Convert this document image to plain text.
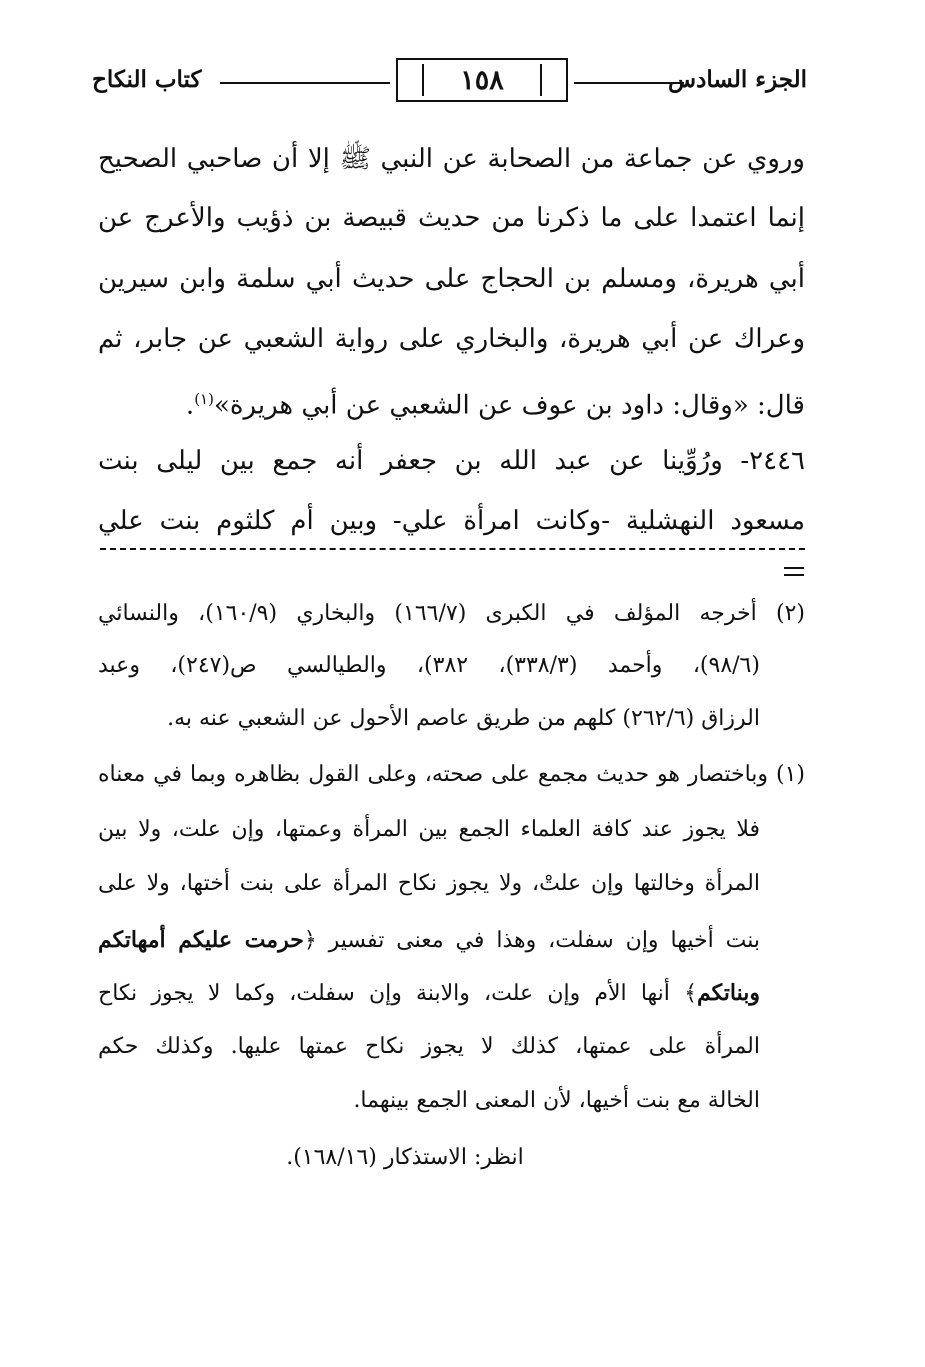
الجزء السادس
١٥٨
كتاب النكاح
وروي عن جماعة من الصحابة عن النبي ﷺ إلا أن صاحبي الصحيح
إنما اعتمدا على ما ذكرنا من حديث قبيصة بن ذؤيب والأعرج عن
أبي هريرة، ومسلم بن الحجاج على حديث أبي سلمة وابن سيرين
وعراك عن أبي هريرة، والبخاري على رواية الشعبي عن جابر، ثم
قال: «وقال: داود بن عوف عن الشعبي عن أبي هريرة»$^{(١)}$.
٢٤٤٦- ورُوِّينا عن عبد الله بن جعفر أنه جمع بين ليلى بنت
مسعود النهشلية -وكانت امرأة علي- وبين أم كلثوم بنت علي
(٢) أخرجه المؤلف في الكبرى (١٦٦/٧) والبخاري (١٦٠/٩)، والنسائي
(٩٨/٦)، وأحمد (٣٣٨/٣)، ٣٨٢)، والطيالسي ص(٢٤٧)، وعبد
الرزاق (٢٦٢/٦) كلهم من طريق عاصم الأحول عن الشعبي عنه به.
(١) وباختصار هو حديث مجمع على صحته، وعلى القول بظاهره وبما في معناه
فلا يجوز عند كافة العلماء الجمع بين المرأة وعمتها، وإن علت، ولا بين
المرأة وخالتها وإن علتْ، ولا يجوز نكاح المرأة على بنت أختها، ولا على
بنت أخيها وإن سفلت، وهذا في معنى تفسير ﴿حرمت عليكم أمهاتكم
وبناتكم﴾ أنها الأم وإن علت، والابنة وإن سفلت، وكما لا يجوز نكاح
المرأة على عمتها، كذلك لا يجوز نكاح عمتها عليها. وكذلك حكم
الخالة مع بنت أخيها، لأن المعنى الجمع بينهما.
انظر: الاستذكار (١٦٨/١٦).
